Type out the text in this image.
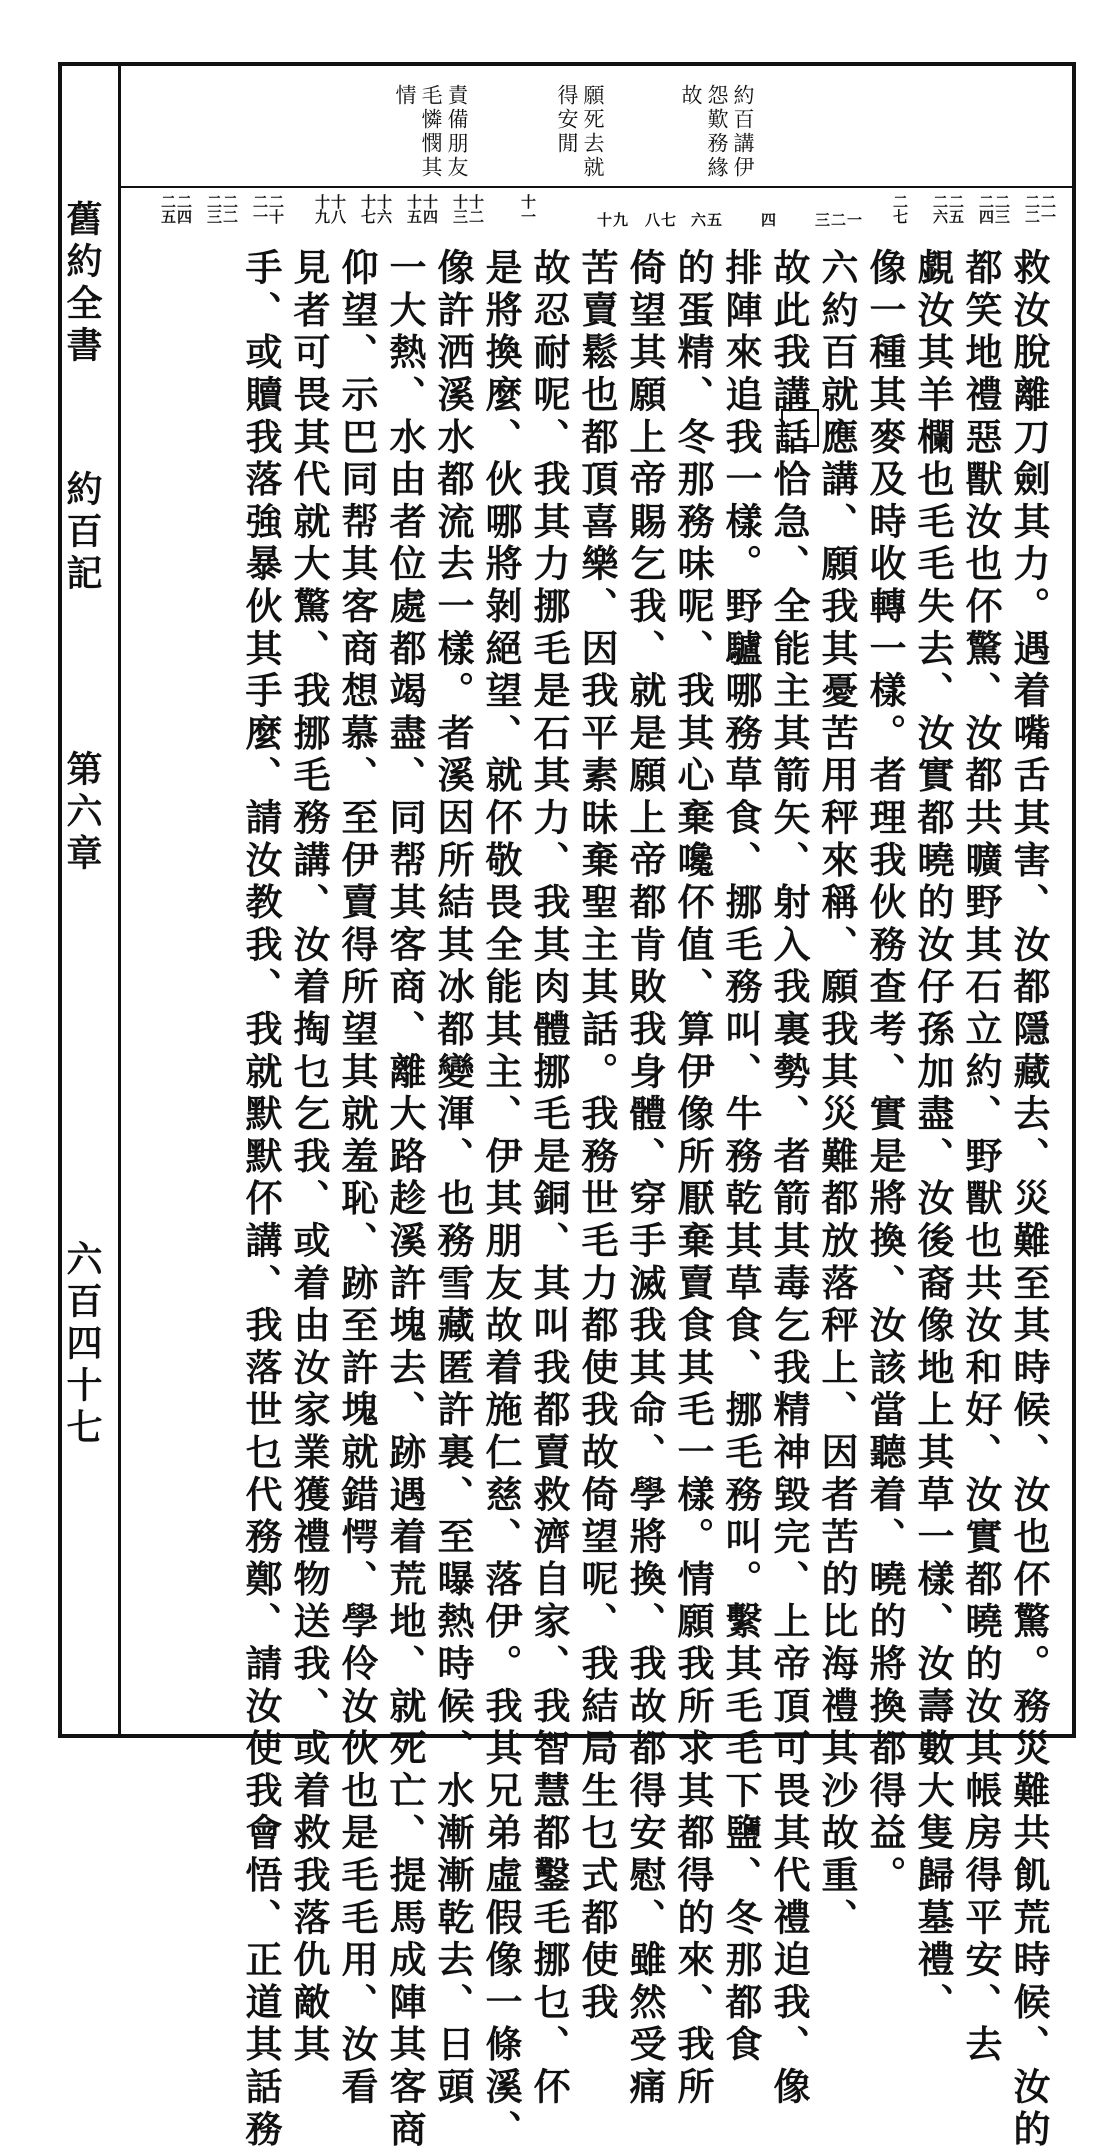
舊約全書
約百記
第六章
六百四十七
約百講伊
怨歎務緣
故
願死去就
得安閒
責備朋友
毛憐憫其
情
二一
二二
二三
二四
二五
二六
二七
一
二
三
四
五
六
七
八
九
十
十一
十二
十三
十四
十五
十六
十七
十八
十九
二十
二一
二二
二三
二四
二五
救汝脫離刀劍其力。遇着嘴舌其害、汝都隱藏去、災難至其時候、汝也伓驚。務災難共飢荒時候、汝的
都笑地禮惡獸汝也伓驚、汝都共曠野其石立約、野獸也共汝和好、汝實都曉的汝其帳房得平安、去
覷汝其羊欄也毛毛失去、汝實都曉的汝仔孫加盡、汝後裔像地上其草一樣、汝壽數大隻歸墓禮、
像一種其麥及時收轉一樣。者理我伙務查考、實是將換、汝該當聽着、曉的將換都得益。
六約百就應講、願我其憂苦用秤來稱、願我其災難都放落秤上、因者苦的比海禮其沙故重、
故此我講話恰急、全能主其箭矢、射入我裏勢、者箭其毒乞我精神毀完、上帝頂可畏其代禮迫我、像
排陣來追我一樣。野驢哪務草食、挪毛務叫、牛務乾其草食、挪毛務叫。繫其毛毛下鹽、冬那都食
的蛋精、冬那務味呢、我其心棄嚵伓值、算伊像所厭棄賣食其毛一樣。情願我所求其都得的來、我所
倚望其願上帝賜乞我、就是願上帝都肯敗我身體、穿手滅我其命、學將換、我故都得安慰、雖然受痛
苦賣鬆也都頂喜樂、因我平素昧棄聖主其話。我務世毛力都使我故倚望呢、我結局生乜式都使我
故忍耐呢、我其力挪毛是石其力、我其肉體挪毛是銅、其叫我都賣救濟自家、我智慧都鑿毛挪乜、伓
是將換麼、伙哪將剝絕望、就伓敬畏全能其主、伊其朋友故着施仁慈、落伊。我其兄弟虛假像一條溪、
像許洒溪水都流去一樣。者溪因所結其冰都變渾、也務雪藏匿許裏、至曝熱時候、水漸漸乾去、日頭
一大熱、水由者位處都竭盡、同帮其客商、離大路趁溪許塊去、跡遇着荒地、就死亡、提馬成陣其客商
仰望、示巴同帮其客商想慕、至伊賣得所望其就羞恥、跡至許塊就錯愕、學伶汝伙也是毛毛用、汝看
見者可畏其代就大驚、我挪毛務講、汝着掏乜乞我、或着由汝家業獲禮物送我、或着救我落仇敵其
手、或贖我落強暴伙其手麼、請汝教我、我就默默伓講、我落世乜代務鄭、請汝使我會悟、正道其話務
